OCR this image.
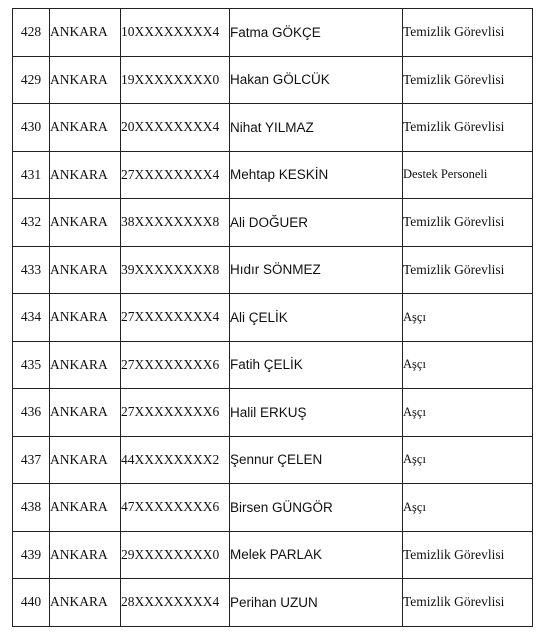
428	ANKARA	10XXXXXXXX4	Fatma GÖKÇE	Temizlik Görevlisi
429	ANKARA	19XXXXXXXX0	Hakan GÖLCÜK	Temizlik Görevlisi
430	ANKARA	20XXXXXXXX4	Nihat YILMAZ	Temizlik Görevlisi
431	ANKARA	27XXXXXXXX4	Mehtap KESKİN	Destek Personeli
432	ANKARA	38XXXXXXXX8	Ali DOĞUER	Temizlik Görevlisi
433	ANKARA	39XXXXXXXX8	Hıdır SÖNMEZ	Temizlik Görevlisi
434	ANKARA	27XXXXXXXX4	Ali ÇELİK	Aşçı
435	ANKARA	27XXXXXXXX6	Fatih ÇELİK	Aşçı
436	ANKARA	27XXXXXXXX6	Halil ERKUŞ	Aşçı
437	ANKARA	44XXXXXXXX2	Şennur ÇELEN	Aşçı
438	ANKARA	47XXXXXXXX6	Birsen GÜNGÖR	Aşçı
439	ANKARA	29XXXXXXXX0	Melek PARLAK	Temizlik Görevlisi
440	ANKARA	28XXXXXXXX4	Perihan UZUN	Temizlik Görevlisi
